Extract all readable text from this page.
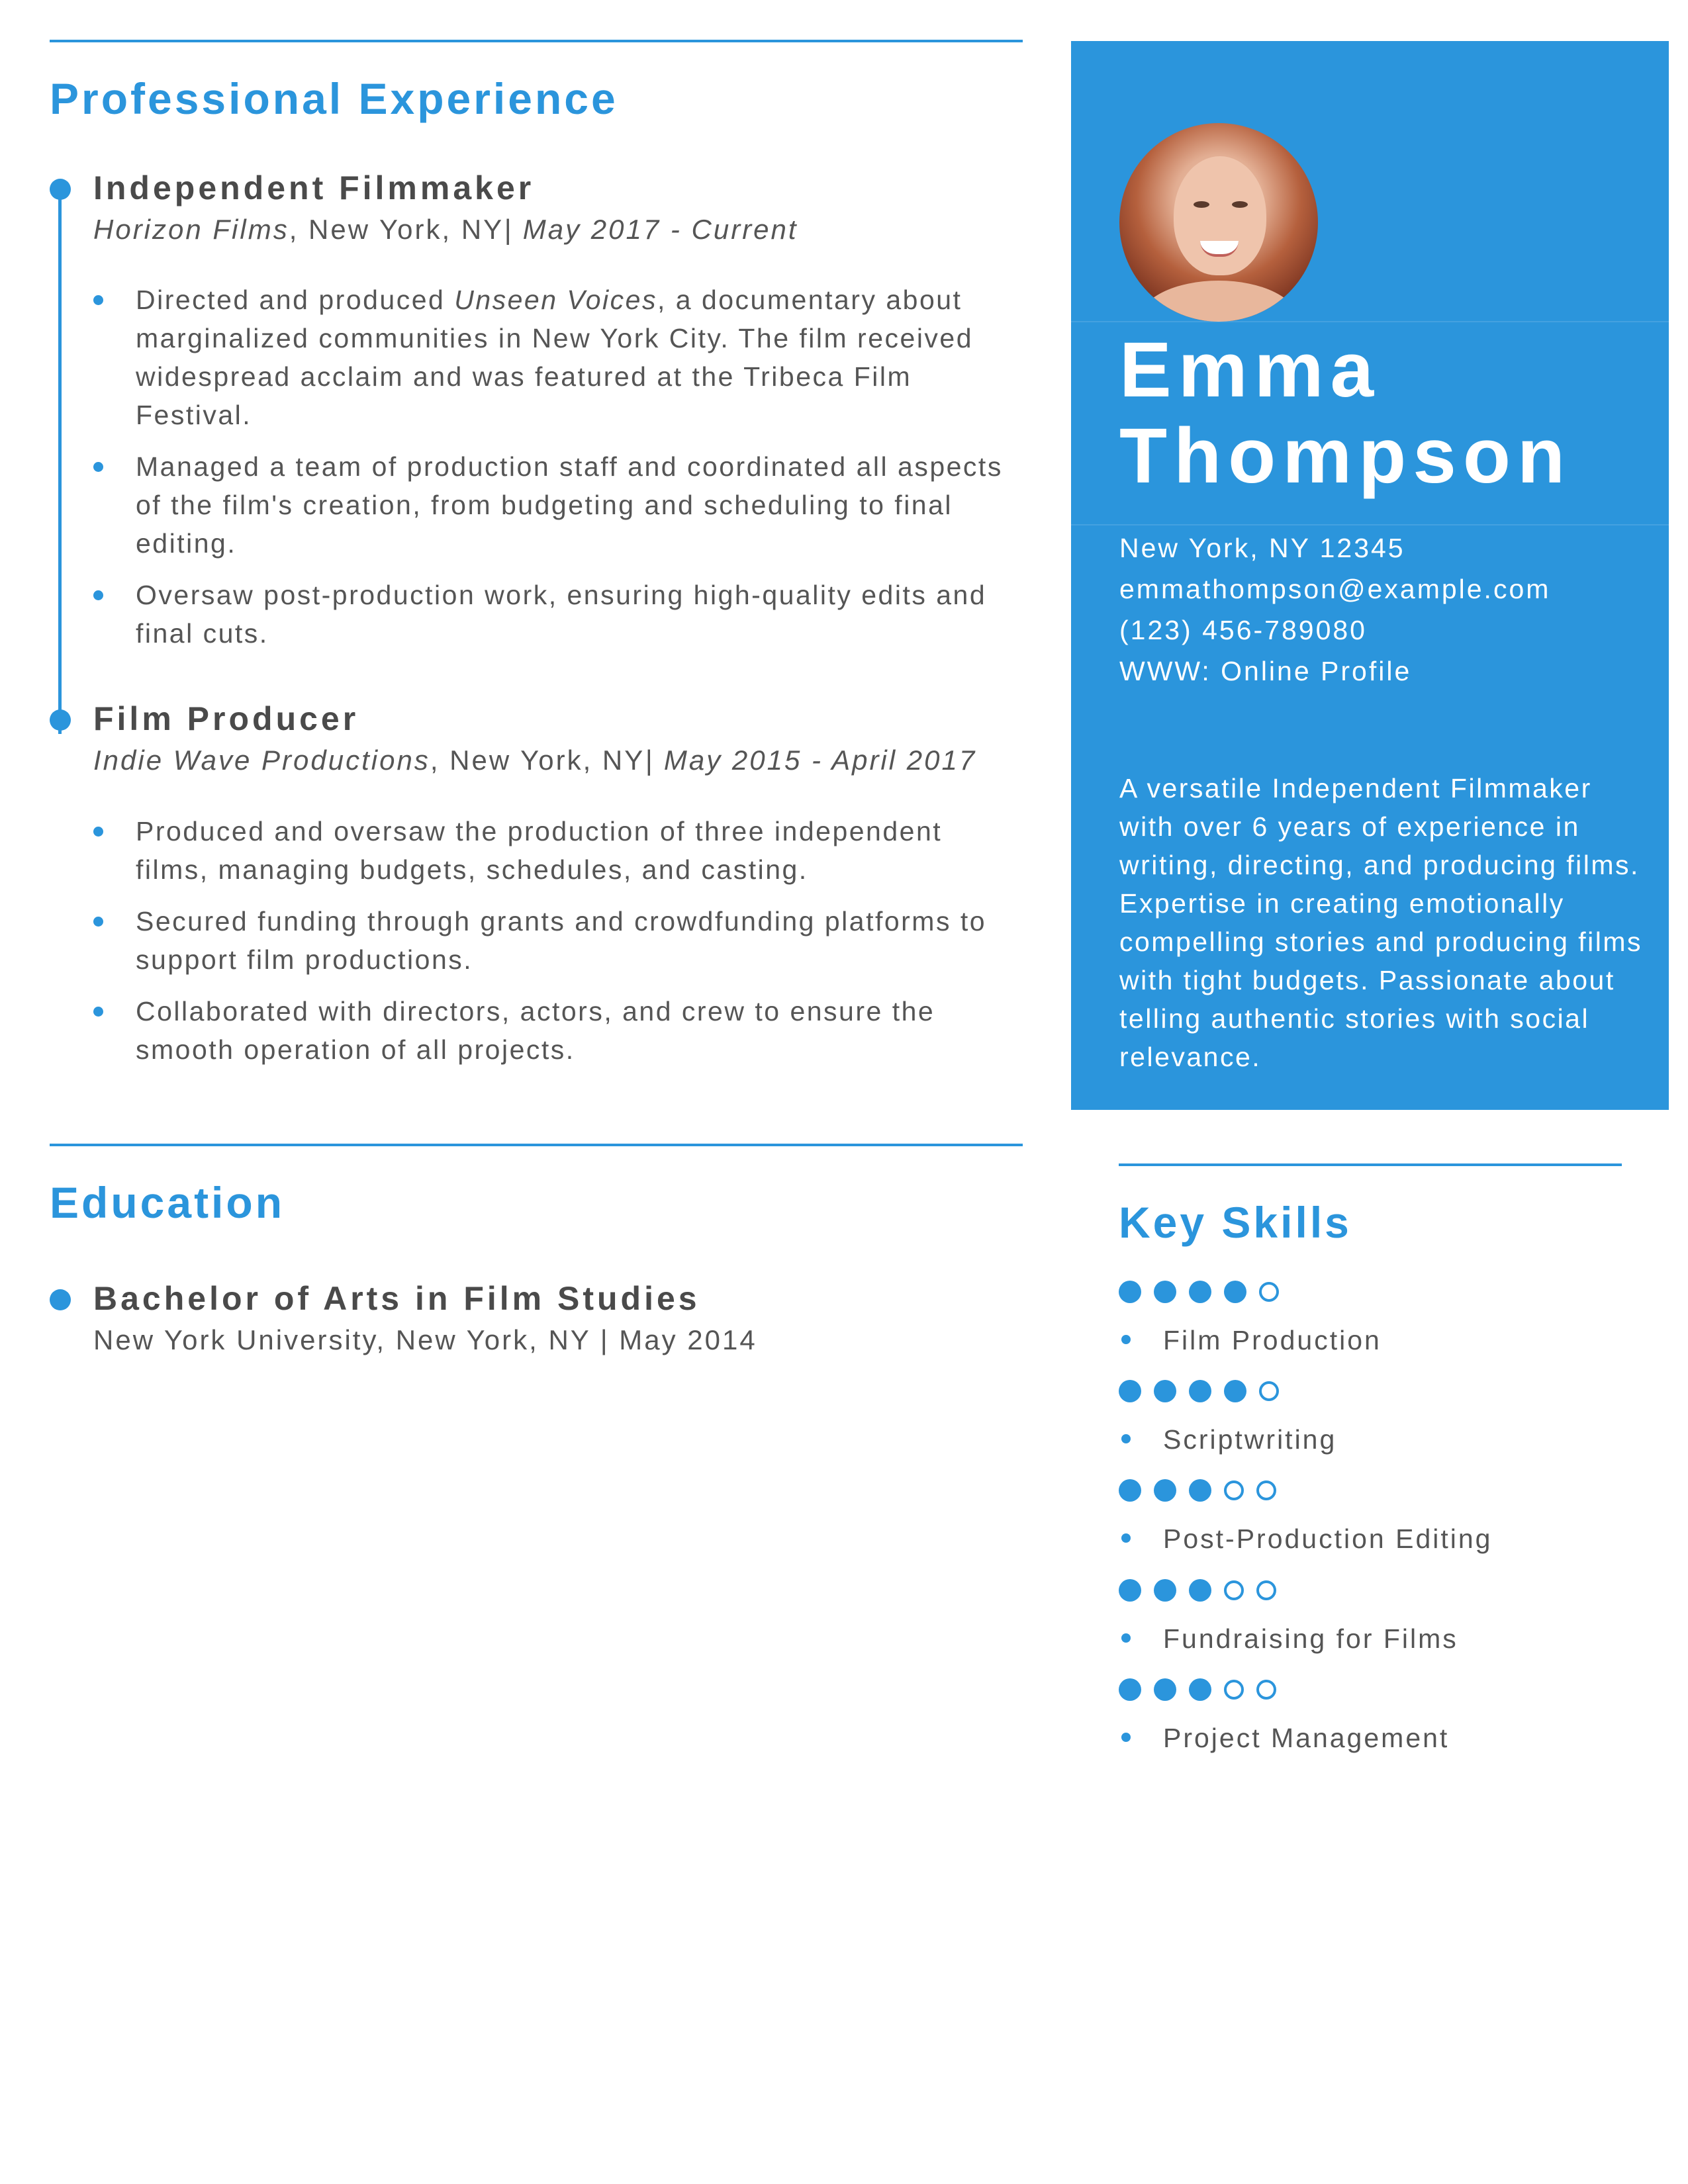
Professional Experience
Independent Filmmaker
Horizon Films, New York, NY| May 2017 - Current
Directed and produced Unseen Voices, a documentary about marginalized communities in New York City. The film received widespread acclaim and was featured at the Tribeca Film Festival.
Managed a team of production staff and coordinated all aspects of the film's creation, from budgeting and scheduling to final editing.
Oversaw post-production work, ensuring high-quality edits and final cuts.
Film Producer
Indie Wave Productions, New York, NY| May 2015 - April 2017
Produced and oversaw the production of three independent films, managing budgets, schedules, and casting.
Secured funding through grants and crowdfunding platforms to support film productions.
Collaborated with directors, actors, and crew to ensure the smooth operation of all projects.
Education
Bachelor of Arts in Film Studies
New York University, New York, NY | May 2014
Emma
Thompson
New York, NY 12345
emmathompson@example.com
(123) 456-789080
WWW: Online Profile
A versatile Independent Filmmaker with over 6 years of experience in writing, directing, and producing films. Expertise in creating emotionally compelling stories and producing films with tight budgets. Passionate about telling authentic stories with social relevance.
Key Skills
Film Production
Scriptwriting
Post-Production Editing
Fundraising for Films
Project Management
